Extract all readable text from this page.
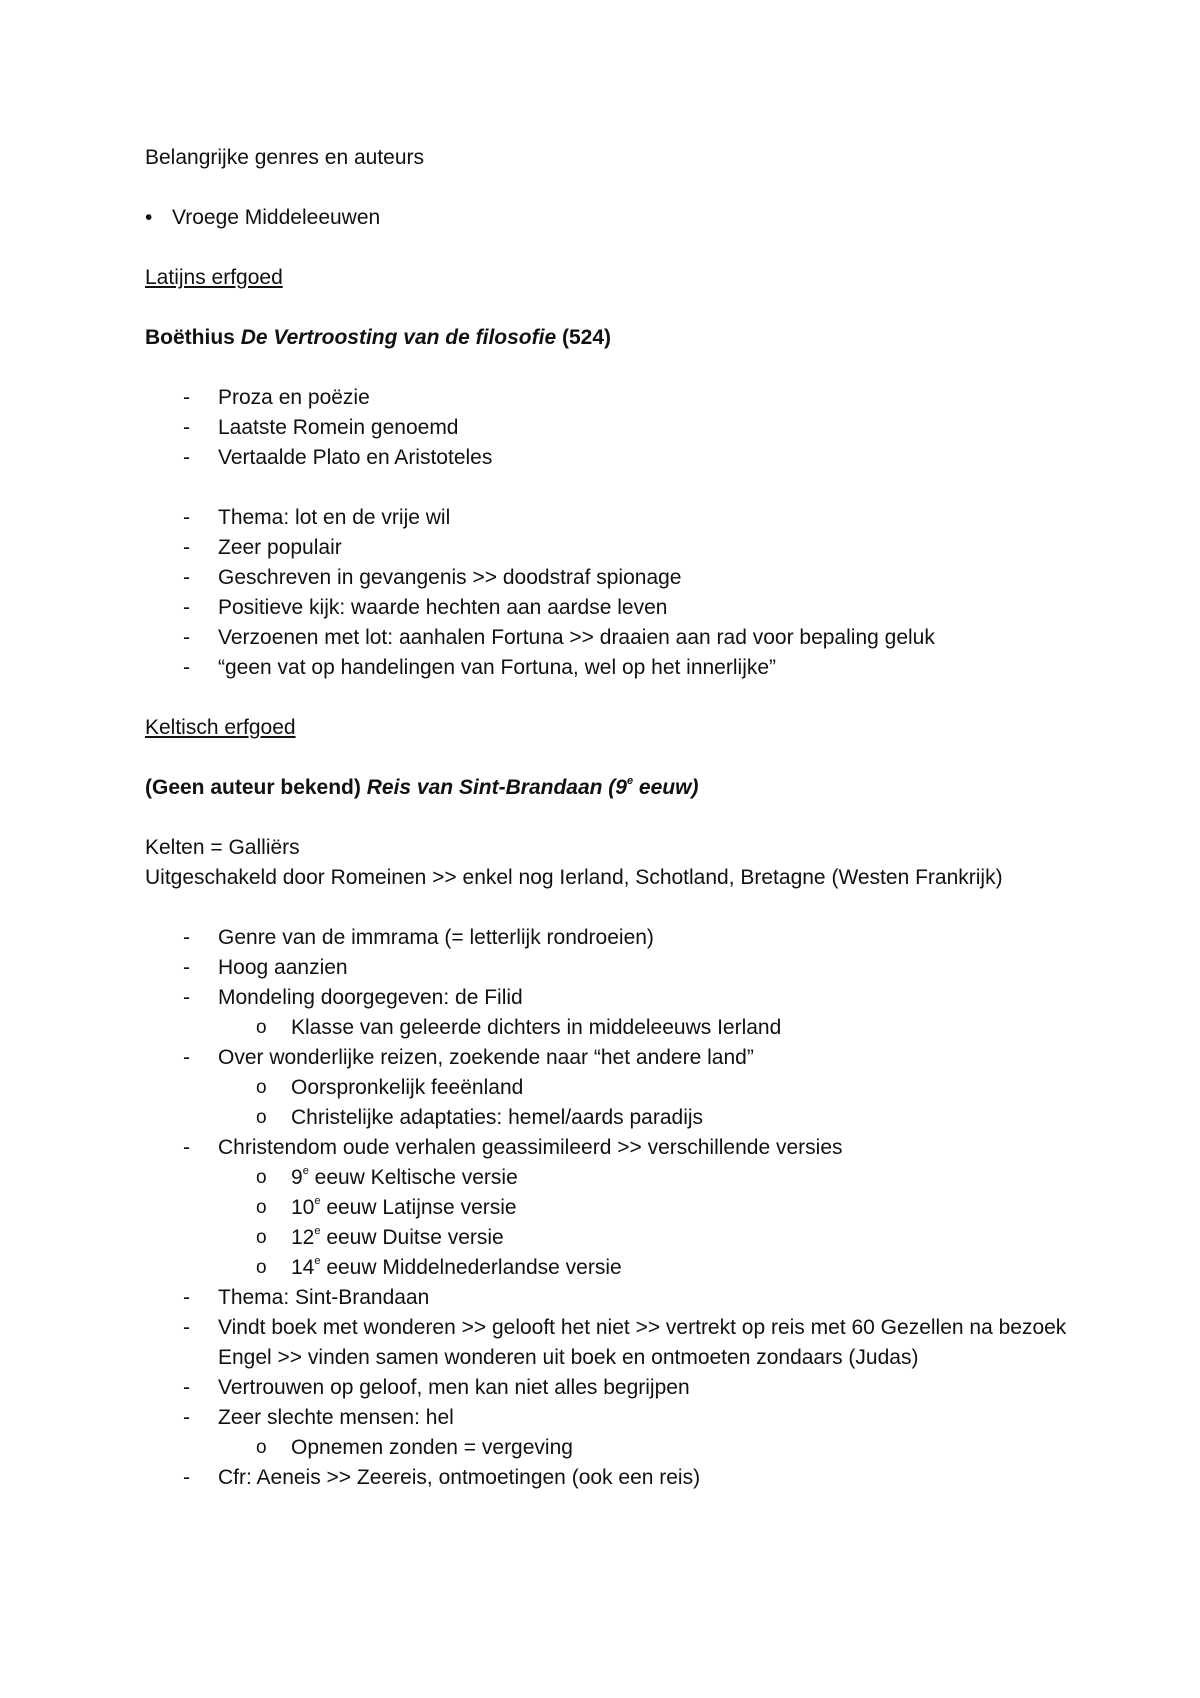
Belangrijke genres en auteurs

• Vroege Middeleeuwen

Latijns erfgoed

Boëthius De Vertroosting van de filosofie (524)

-	Proza en poëzie
-	Laatste Romein genoemd
-	Vertaalde Plato en Aristoteles
-	Thema: lot en de vrije wil
-	Zeer populair
-	Geschreven in gevangenis >> doodstraf spionage
-	Positieve kijk: waarde hechten aan aardse leven
-	Verzoenen met lot: aanhalen Fortuna >> draaien aan rad voor bepaling geluk
-	“geen vat op handelingen van Fortuna, wel op het innerlijke”

Keltisch erfgoed

(Geen auteur bekend) Reis van Sint-Brandaan (9e eeuw)

Kelten = Galliërs

Uitgeschakeld door Romeinen >> enkel nog Ierland, Schotland, Bretagne (Westen Frankrijk)

-	Genre van de immrama (= letterlijk rondroeien)
-	Hoog aanzien
-	Mondeling doorgegeven: de Filid
o	Klasse van geleerde dichters in middeleeuws Ierland
-	Over wonderlijke reizen, zoekende naar “het andere land”
o	Oorspronkelijk feeënland
o	Christelijke adaptaties: hemel/aards paradijs
-	Christendom oude verhalen geassimileerd >> verschillende versies
o	9e eeuw Keltische versie
o	10e eeuw Latijnse versie
o	12e eeuw Duitse versie
o	14e eeuw Middelnederlandse versie
-	Thema: Sint-Brandaan
-	Vindt boek met wonderen >> gelooft het niet >> vertrekt op reis met 60 Gezellen na bezoek Engel >> vinden samen wonderen uit boek en ontmoeten zondaars (Judas)
-	Vertrouwen op geloof, men kan niet alles begrijpen
-	Zeer slechte mensen: hel
o	Opnemen zonden = vergeving
-	Cfr: Aeneis >> Zeereis, ontmoetingen (ook een reis)
